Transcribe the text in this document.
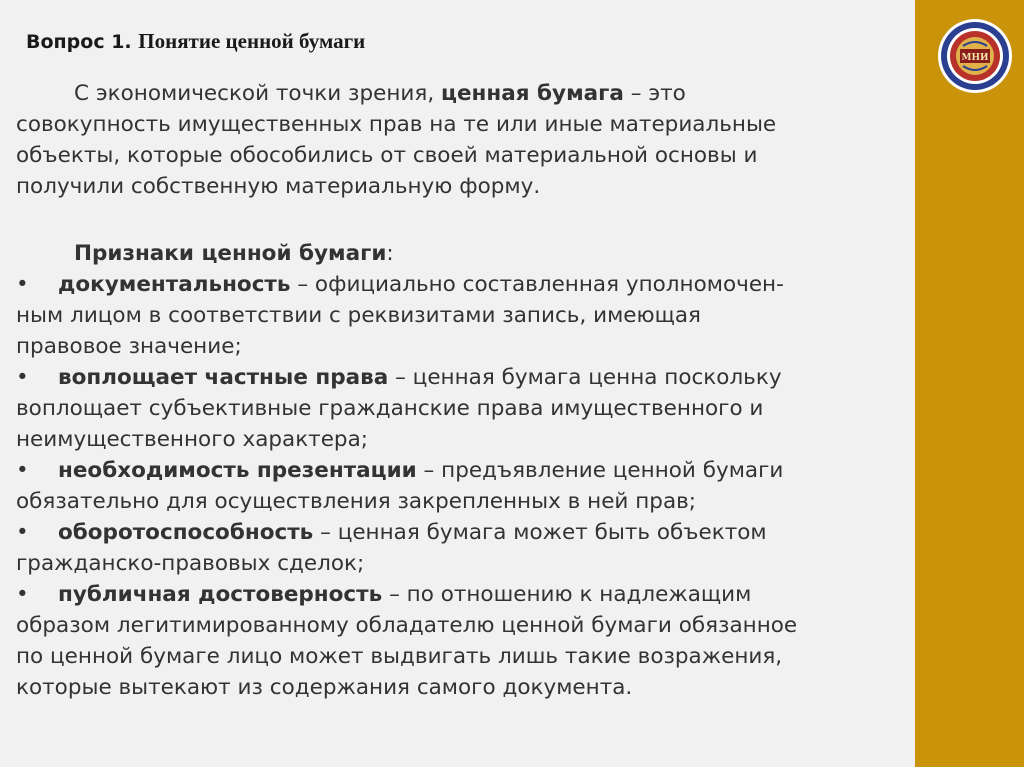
МНИ
Вопрос 1. Понятие ценной бумаги

С экономической точки зрения, ценная бумага – это

совокупность имущественных прав на те или иные материальные

объекты, которые обособились от своей материальной основы и

получили собственную материальную форму.

Признаки ценной бумаги:

• документальность – официально составленная уполномочен-

ным лицом в соответствии с реквизитами запись, имеющая

правовое значение;

• воплощает частные права – ценная бумага ценна поскольку

воплощает субъективные гражданские права имущественного и

неимущественного характера;

• необходимость презентации – предъявление ценной бумаги

обязательно для осуществления закрепленных в ней прав;

• оборотоспособность – ценная бумага может быть объектом

гражданско-правовых сделок;

• публичная достоверность – по отношению к надлежащим

образом легитимированному обладателю ценной бумаги обязанное

по ценной бумаге лицо может выдвигать лишь такие возражения,

которые вытекают из содержания самого документа.
